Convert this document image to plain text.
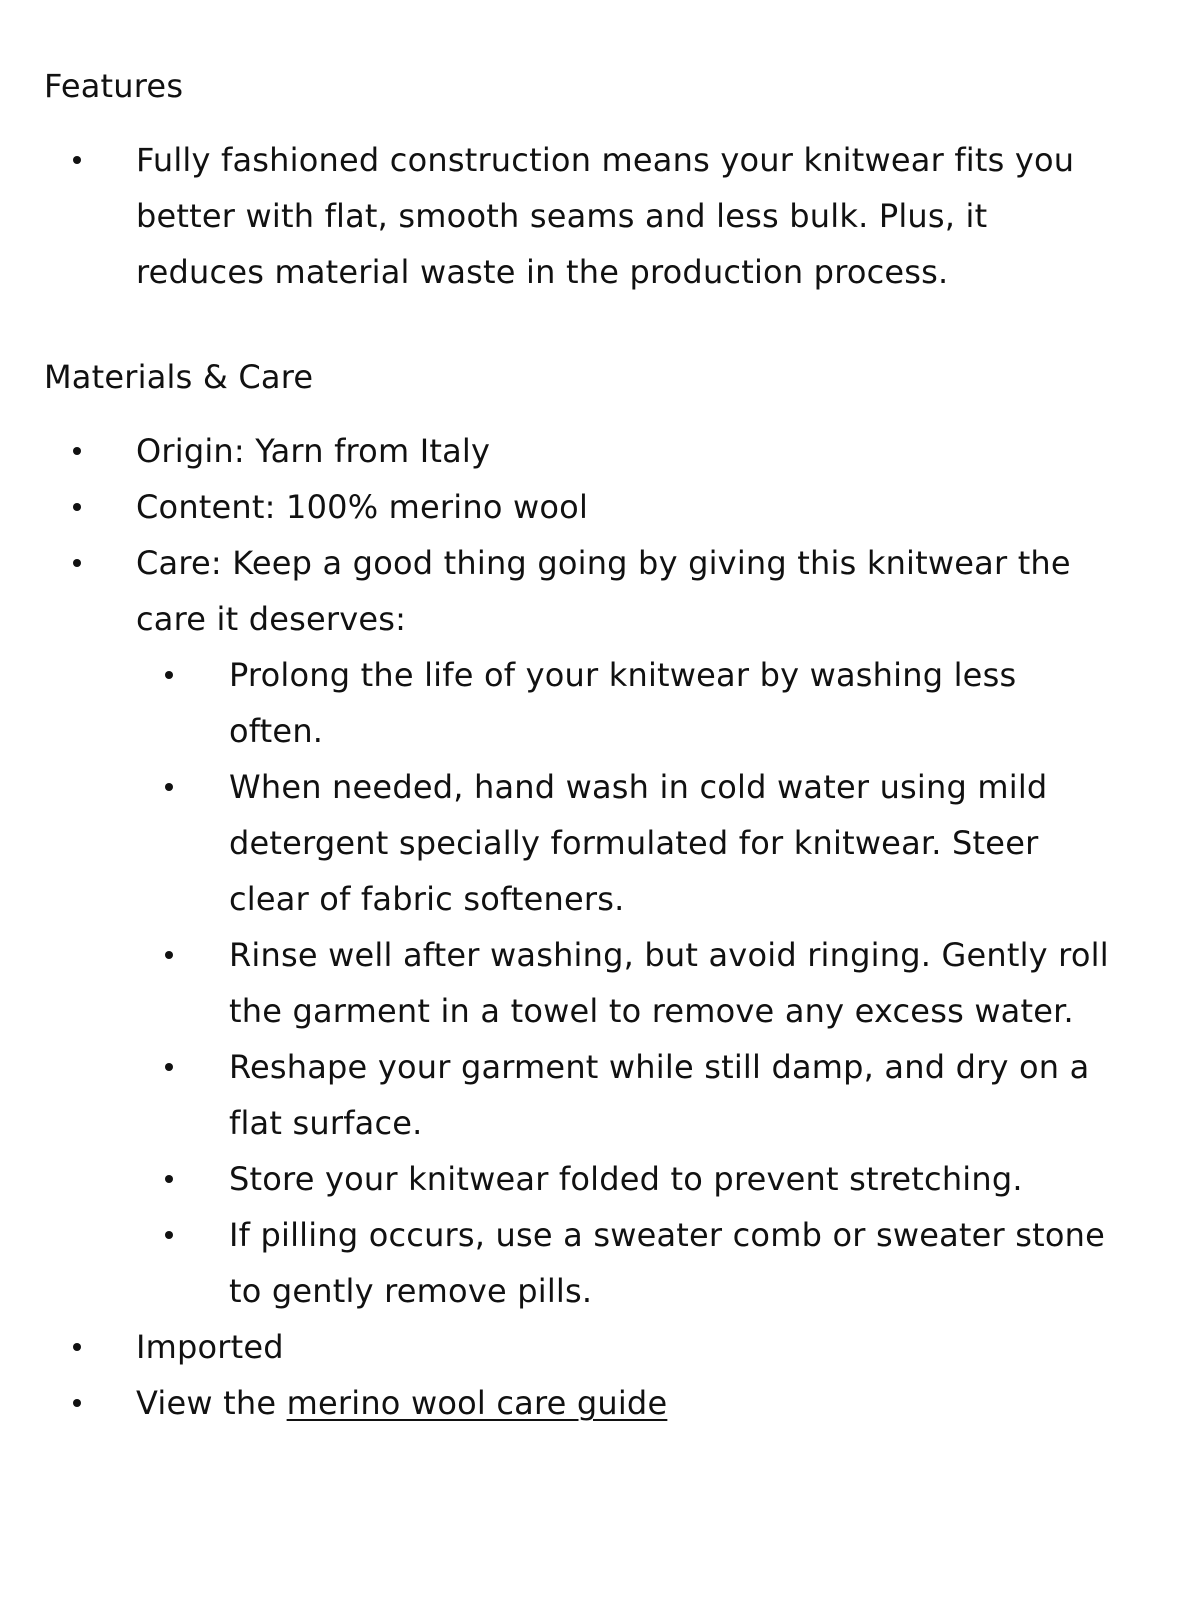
Features
Fully fashioned construction means your knitwear fits you better with flat, smooth seams and less bulk. Plus, it reduces material waste in the production process.
Materials & Care
Origin: Yarn from Italy
Content: 100% merino wool
Care: Keep a good thing going by giving this knitwear the care it deserves:
Prolong the life of your knitwear by washing less often.
When needed, hand wash in cold water using mild detergent specially formulated for knitwear. Steer clear of fabric softeners.
Rinse well after washing, but avoid ringing. Gently roll the garment in a towel to remove any excess water.
Reshape your garment while still damp, and dry on a flat surface.
Store your knitwear folded to prevent stretching.
If pilling occurs, use a sweater comb or sweater stone to gently remove pills.
Imported
View the merino wool care guide
